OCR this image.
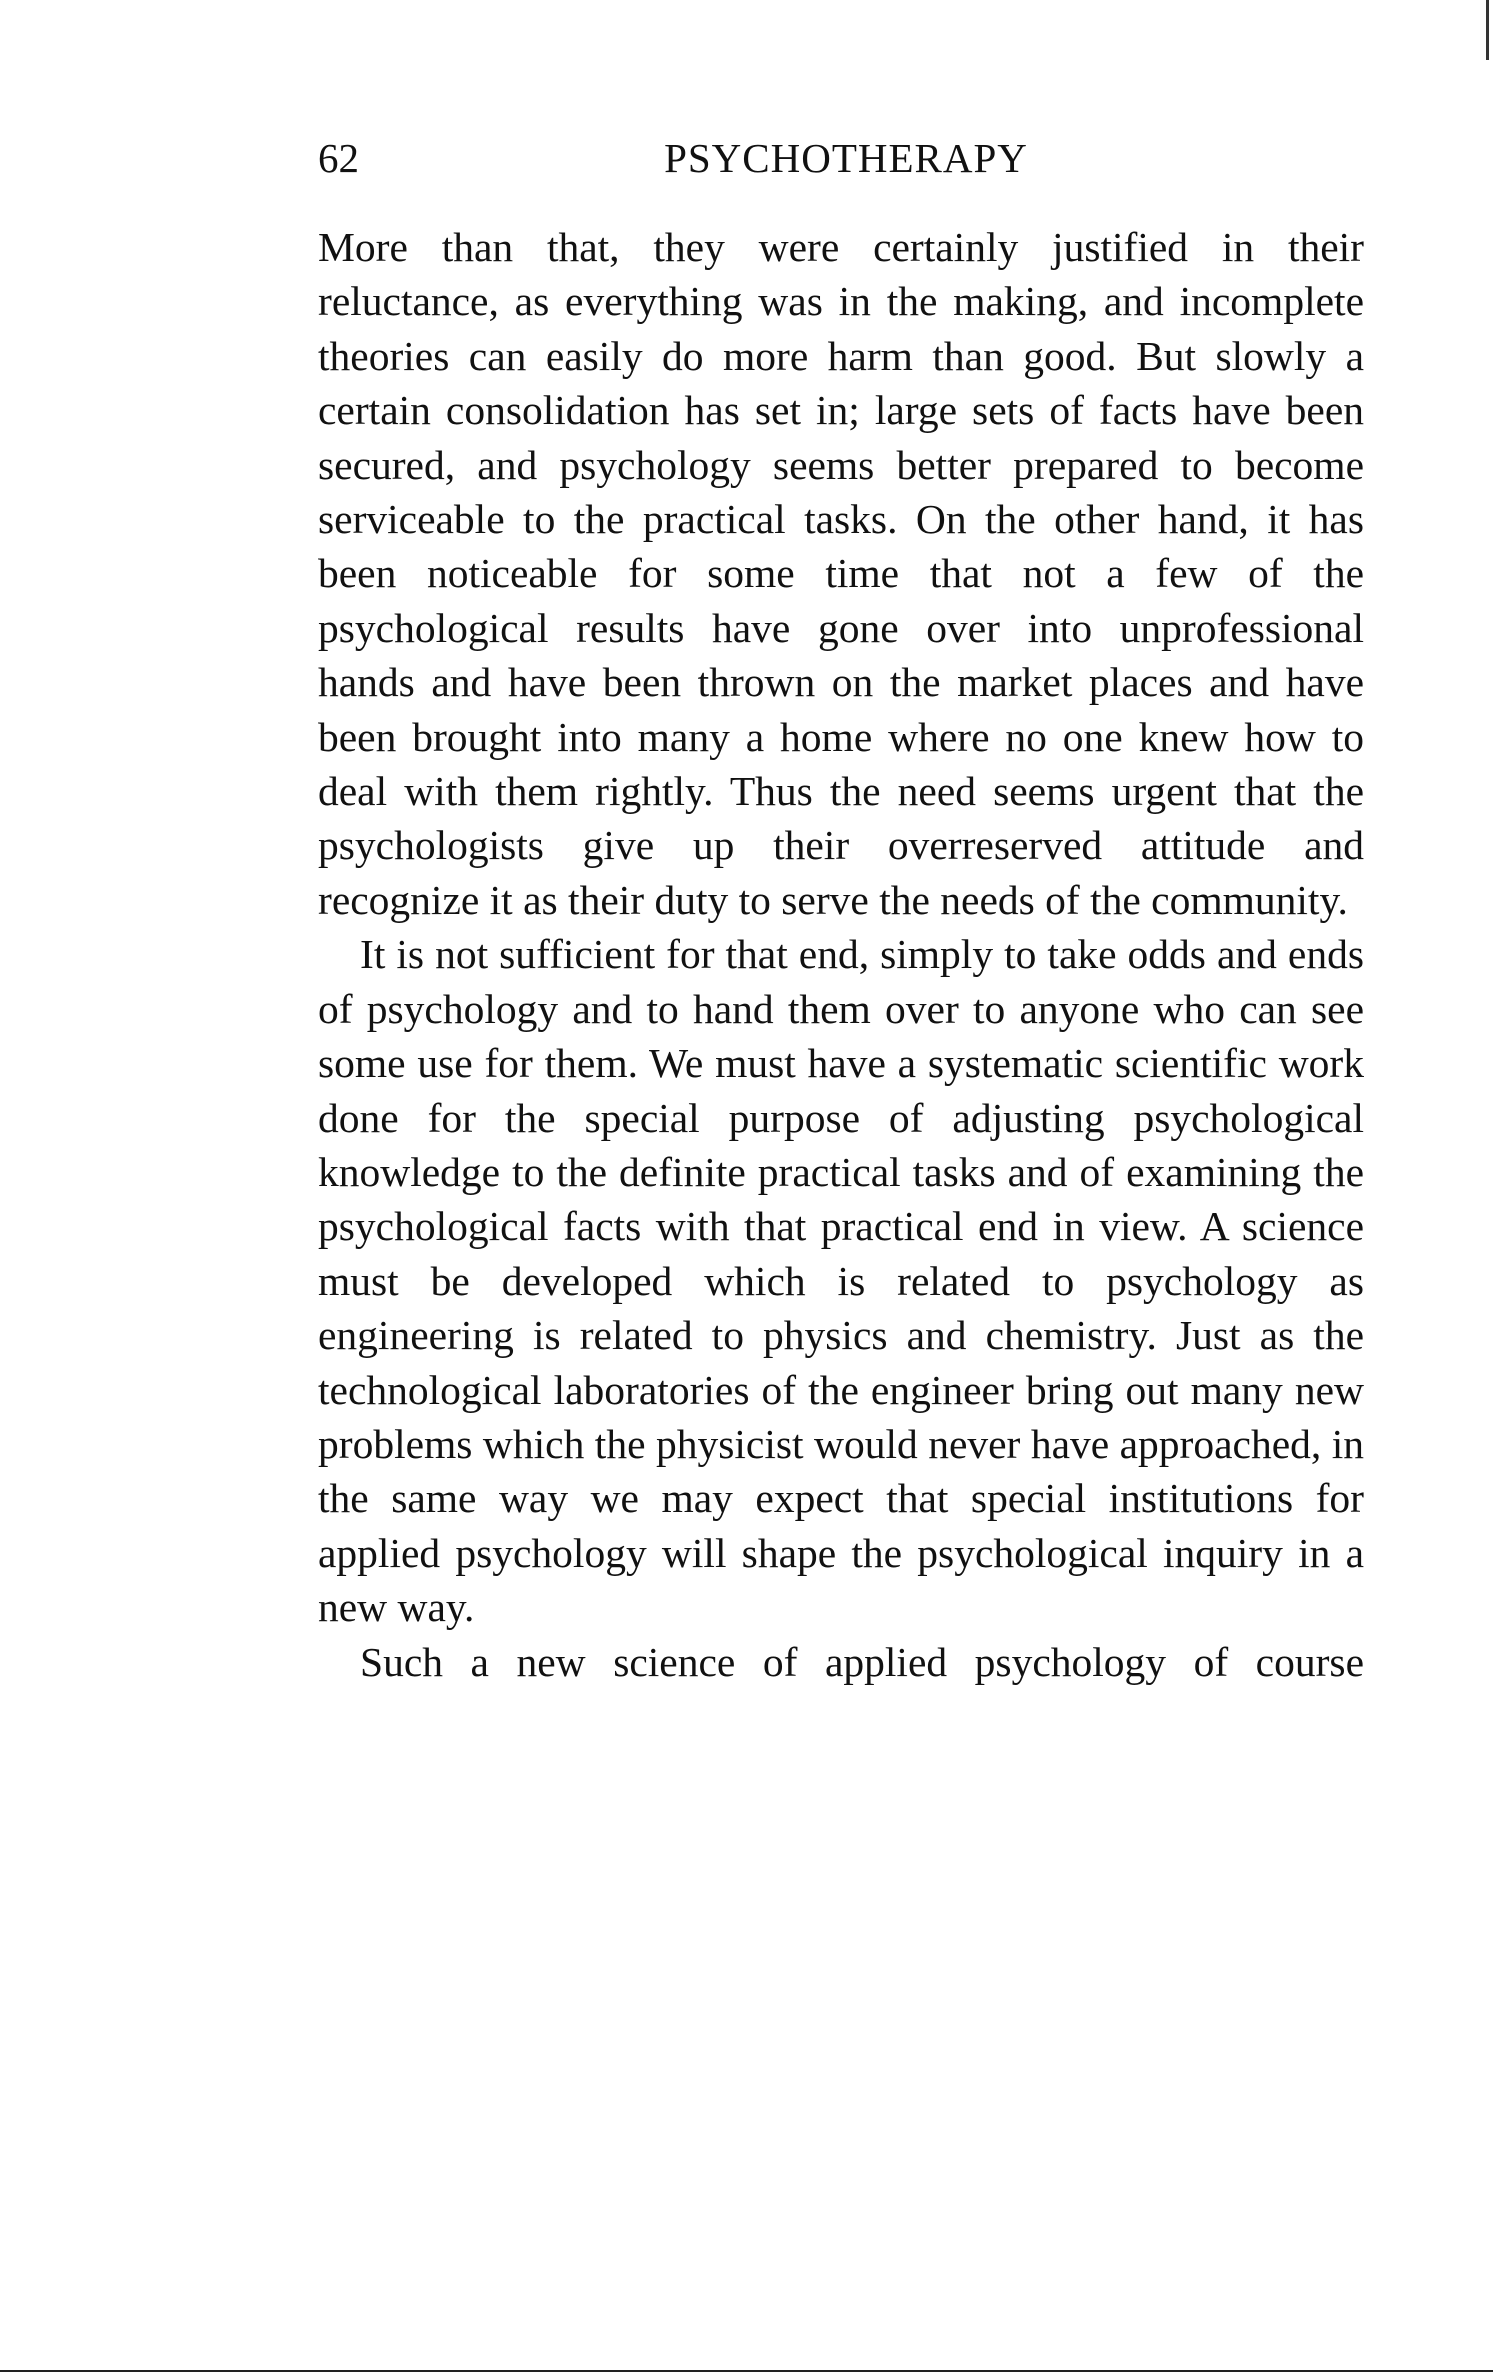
62	PSYCHOTHERAPY

More than that, they were certainly justified in their reluctance, as everything was in the making, and incomplete theories can easily do more harm than good. But slowly a certain consolidation has set in; large sets of facts have been secured, and psychology seems better prepared to become serviceable to the practical tasks. On the other hand, it has been noticeable for some time that not a few of the psychological results have gone over into unprofessional hands and have been thrown on the market places and have been brought into many a home where no one knew how to deal with them rightly. Thus the need seems urgent that the psychologists give up their overreserved attitude and recognize it as their duty to serve the needs of the community.

It is not sufficient for that end, simply to take odds and ends of psychology and to hand them over to anyone who can see some use for them. We must have a systematic scientific work done for the special purpose of adjusting psychological knowledge to the definite practical tasks and of examining the psychological facts with that practical end in view. A science must be developed which is related to psychology as engineering is related to physics and chemistry. Just as the technological laboratories of the engineer bring out many new problems which the physicist would never have approached, in the same way we may expect that special institutions for applied psychology will shape the psychological inquiry in a new way.

Such a new science of applied psychology of course
